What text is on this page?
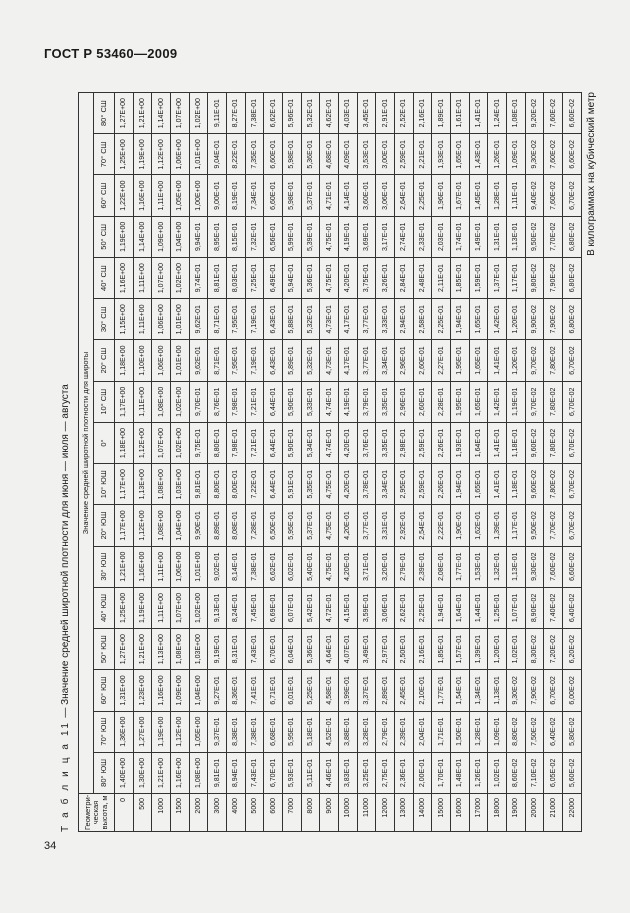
ГОСТ Р 53460—2009
Т а б л и ц а 11 — Значение средней широтной плотности для июня — июля — августа
Геометри-ческая высота, м	Значение средней широтной плотности для широты																
	80° ЮШ	70° ЮШ	60° ЮШ	50° ЮШ	40° ЮШ	30° ЮШ	20° ЮШ	10° ЮШ	0°	10° СШ	20° СШ	30° СШ	40° СШ	50° СШ	60° СШ	70° СШ	80° СШ
0	1,40E+00	1,36E+00	1,31E+00	1,27E+00	1,25E+00	1,21E+00	1,17E+00	1,17E+00	1,18E+00	1,17E+00	1,18E+00	1,15E+00	1,16E+00	1,19E+00	1,22E+00	1,25E+00	1,27E+00
500	1,30E+00	1,27E+00	1,23E+00	1,21E+00	1,19E+00	1,16E+00	1,12E+00	1,13E+00	1,12E+00	1,11E+00	1,10E+00	1,11E+00	1,11E+00	1,14E+00	1,16E+00	1,19E+00	1,21E+00
1000	1,21E+00	1,19E+00	1,16E+00	1,13E+00	1,11E+00	1,11E+00	1,08E+00	1,08E+00	1,07E+00	1,08E+00	1,06E+00	1,06E+00	1,07E+00	1,09E+00	1,11E+00	1,12E+00	1,14E+00
1500	1,16E+00	1,12E+00	1,09E+00	1,08E+00	1,07E+00	1,06E+00	1,04E+00	1,03E+00	1,02E+00	1,02E+00	1,01E+00	1,01E+00	1,02E+00	1,04E+00	1,05E+00	1,06E+00	1,07E+00
2000	1,08E+00	1,05E+00	1,04E+00	1,03E+00	1,02E+00	1,01E+00	9,90E-01	9,81E-01	9,75E-01	9,70E-01	9,62E-01	9,62E-01	9,74E-01	9,94E-01	1,00E+00	1,01E+00	1,02E+00
3000	9,81E-01	9,37E-01	9,27E-01	9,19E-01	9,13E-01	9,02E-01	8,89E-01	8,80E-01	8,80E-01	8,76E-01	8,71E-01	8,71E-01	8,81E-01	8,95E-01	9,00E-01	9,04E-01	9,11E-01
4000	8,94E-01	8,38E-01	8,36E-01	8,31E-01	8,24E-01	8,14E-01	8,08E-01	8,00E-01	7,98E-01	7,98E-01	7,95E-01	7,95E-01	8,03E-01	8,15E-01	8,19E-01	8,22E-01	8,27E-01
5000	7,43E-01	7,38E-01	7,41E-01	7,43E-01	7,45E-01	7,38E-01	7,28E-01	7,22E-01	7,21E-01	7,21E-01	7,19E-01	7,19E-01	7,25E-01	7,32E-01	7,34E-01	7,35E-01	7,38E-01
6000	6,70E-01	6,68E-01	6,71E-01	6,70E-01	6,69E-01	6,62E-01	6,50E-01	6,44E-01	6,44E-01	6,44E-01	6,43E-01	6,43E-01	6,49E-01	6,56E-01	6,60E-01	6,60E-01	6,62E-01
7000	5,93E-01	5,95E-01	6,01E-01	6,04E-01	6,07E-01	6,02E-01	5,95E-01	5,91E-01	5,90E-01	5,90E-01	5,89E-01	5,88E-01	5,94E-01	5,99E-01	5,98E-01	5,98E-01	5,96E-01
8000	5,11E-01	5,18E-01	5,25E-01	5,36E-01	5,42E-01	5,40E-01	5,37E-01	5,35E-01	5,34E-01	5,33E-01	5,32E-01	5,32E-01	5,36E-01	5,39E-01	5,37E-01	5,36E-01	5,32E-01
9000	4,46E-01	4,52E-01	4,58E-01	4,64E-01	4,72E-01	4,75E-01	4,75E-01	4,75E-01	4,74E-01	4,74E-01	4,73E-01	4,73E-01	4,75E-01	4,75E-01	4,71E-01	4,68E-01	4,62E-01
10000	3,83E-01	3,88E-01	3,99E-01	4,07E-01	4,15E-01	4,20E-01	4,20E-01	4,20E-01	4,20E-01	4,19E-01	4,17E-01	4,17E-01	4,20E-01	4,19E-01	4,14E-01	4,09E-01	4,03E-01
11000	3,25E-01	3,28E-01	3,37E-01	3,49E-01	3,59E-01	3,71E-01	3,77E-01	3,78E-01	3,76E-01	3,79E-01	3,77E-01	3,77E-01	3,75E-01	3,69E-01	3,60E-01	3,53E-01	3,45E-01
12000	2,75E-01	2,79E-01	2,89E-01	2,97E-01	3,06E-01	3,20E-01	3,31E-01	3,34E-01	3,35E-01	3,35E-01	3,34E-01	3,33E-01	3,26E-01	3,17E-01	3,06E-01	3,00E-01	2,91E-01
13000	2,36E-01	2,39E-01	2,45E-01	2,50E-01	2,62E-01	2,79E-01	2,92E-01	2,95E-01	2,98E-01	2,96E-01	2,96E-01	2,94E-01	2,84E-01	2,74E-01	2,64E-01	2,59E-01	2,52E-01
14000	2,00E-01	2,04E-01	2,10E-01	2,16E-01	2,25E-01	2,39E-01	2,54E-01	2,59E-01	2,59E-01	2,60E-01	2,60E-01	2,58E-01	2,48E-01	2,33E-01	2,25E-01	2,21E-01	2,16E-01
15000	1,70E-01	1,71E-01	1,77E-01	1,85E-01	1,94E-01	2,08E-01	2,22E-01	2,26E-01	2,26E-01	2,28E-01	2,27E-01	2,25E-01	2,11E-01	2,03E-01	1,96E-01	1,93E-01	1,89E-01
16000	1,48E-01	1,50E-01	1,54E-01	1,57E-01	1,64E-01	1,77E-01	1,90E-01	1,94E-01	1,93E-01	1,95E-01	1,95E-01	1,94E-01	1,85E-01	1,74E-01	1,67E-01	1,65E-01	1,61E-01
17000	1,26E-01	1,28E-01	1,34E-01	1,39E-01	1,44E-01	1,53E-01	1,62E-01	1,65E-01	1,64E-01	1,65E-01	1,65E-01	1,65E-01	1,59E-01	1,49E-01	1,45E-01	1,43E-01	1,41E-01
18000	1,02E-01	1,09E-01	1,13E-01	1,20E-01	1,25E-01	1,32E-01	1,39E-01	1,41E-01	1,41E-01	1,42E-01	1,41E-01	1,42E-01	1,37E-01	1,31E-01	1,28E-01	1,26E-01	1,24E-01
19000	8,60E-02	8,80E-02	9,30E-02	1,02E-01	1,07E-01	1,13E-01	1,17E-01	1,18E-01	1,18E-01	1,19E-01	1,20E-01	1,20E-01	1,17E-01	1,13E-01	1,11E-01	1,09E-01	1,08E-01
20000	7,10E-02	7,50E-02	7,90E-02	8,30E-02	8,90E-02	9,30E-02	9,50E-02	9,60E-02	9,60E-02	9,70E-02	9,70E-02	9,90E-02	9,80E-02	9,50E-02	9,40E-02	9,30E-02	9,20E-02
21000	6,05E-02	6,40E-02	6,70E-02	7,20E-02	7,40E-02	7,60E-02	7,70E-02	7,80E-02	7,80E-02	7,80E-02	7,80E-02	7,90E-02	7,90E-02	7,70E-02	7,60E-02	7,60E-02	7,60E-02
22000	5,60E-02	5,80E-02	6,00E-02	6,20E-02	6,40E-02	6,60E-02	6,70E-02	6,70E-02	6,70E-02	6,70E-02	6,70E-02	6,80E-02	6,80E-02	6,80E-02	6,70E-02	6,60E-02	6,60E-02 В килограммах на кубический метр
34
